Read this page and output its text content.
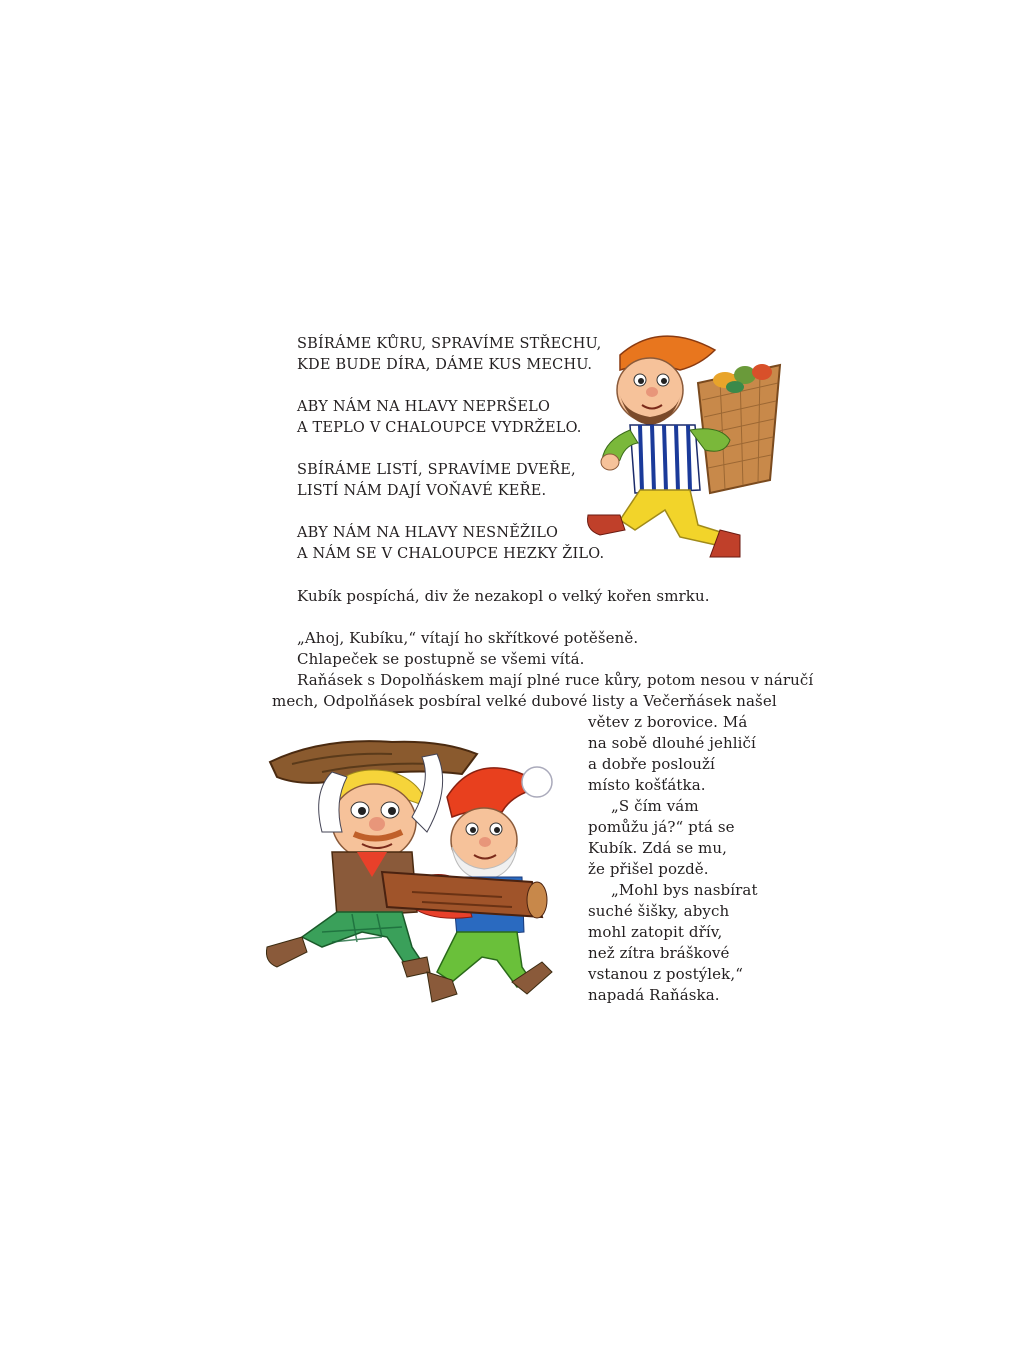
SBÍRÁME KŮRU, SPRAVÍME STŘECHU,
KDE BUDE DÍRA, DÁME KUS MECHU.
ABY NÁM NA HLAVY NEPRŠELO
A TEPLO V CHALOUPCE VYDRŽELO.
SBÍRÁME LISTÍ, SPRAVÍME DVEŘE,
LISTÍ NÁM DAJÍ VOŇAVÉ KEŘE.
ABY NÁM NA HLAVY NESNĚŽILO
A NÁM SE V CHALOUPCE HEZKY ŽILO.
Kubík pospíchá, div že nezakopl o velký kořen smrku.
„Ahoj, Kubíku,“ vítají ho skřítkové potěšeně.
Chlapeček se postupně se všemi vítá.
Raňásek s Dopolňáskem mají plné ruce kůry, potom nesou v náručí
mech, Odpolňásek posbíral velké dubové listy a Večerňásek našel
větev z borovice. Má
na sobě dlouhé jehličí
a dobře poslouží
místo košťátka.
„S čím vám
pomůžu já?“ ptá se
Kubík. Zdá se mu,
že přišel pozdě.
„Mohl bys nasbírat
suché šišky, abych
mohl zatopit dřív,
než zítra bráškové
vstanou z postýlek,“
napadá Raňáska.
